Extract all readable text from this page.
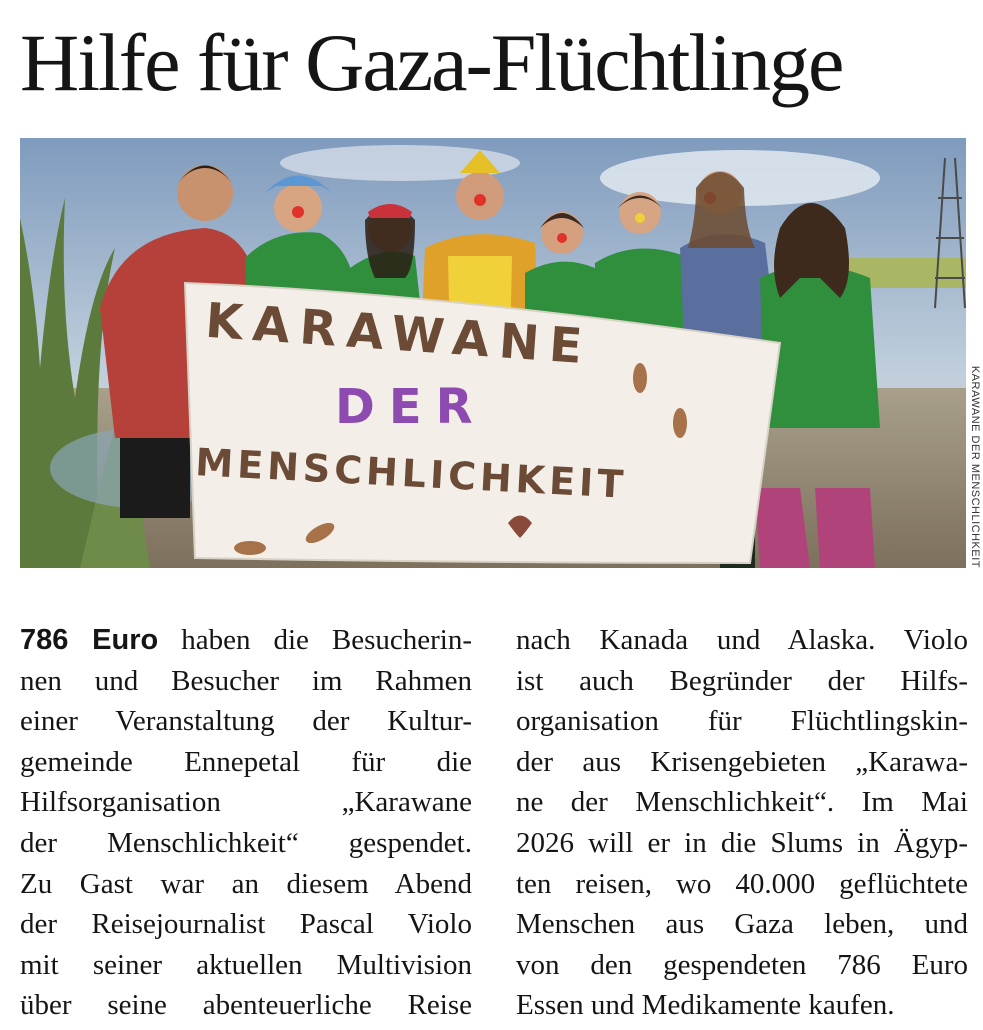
Hilfe für Gaza-Flüchtlinge
KARAWANE
DER
MENSCHLICHKEIT	KARAWANE DER MENSCHLICHKEIT
786 Euro haben die Besucherin-
nen und Besucher im Rahmen
einer Veranstaltung der Kultur-
gemeinde Ennepetal für die
Hilfsorganisation „Karawane
der Menschlichkeit“ gespendet.
Zu Gast war an diesem Abend
der Reisejournalist Pascal Violo
mit seiner aktuellen Multivision
über seine abenteuerliche Reise
nach Kanada und Alaska. Violo
ist auch Begründer der Hilfs-
organisation für Flüchtlingskin-
der aus Krisengebieten „Karawa-
ne der Menschlichkeit“. Im Mai
2026 will er in die Slums in Ägyp-
ten reisen, wo 40.000 geflüchtete
Menschen aus Gaza leben, und
von den gespendeten 786 Euro
Essen und Medikamente kaufen.
